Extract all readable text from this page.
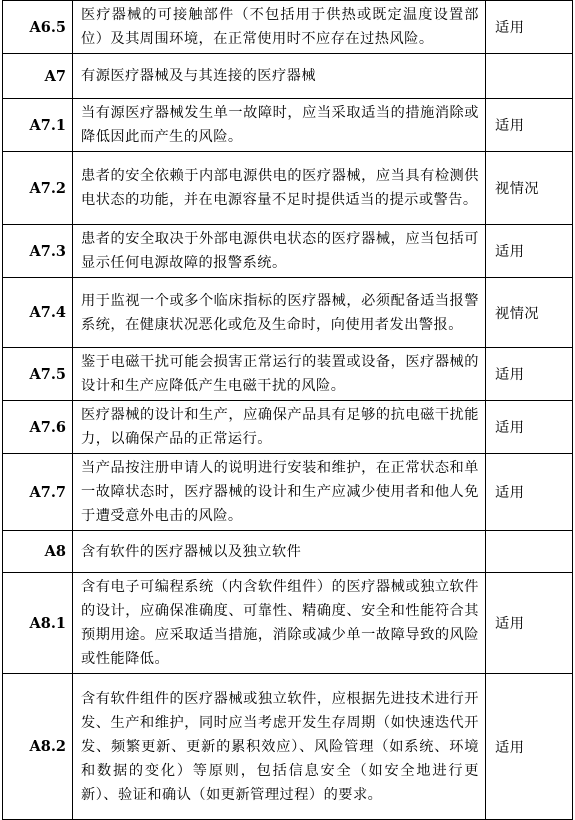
A6.5	医疗器械的可接触部件（不包括用于供热或既定温度设置部位）及其周围环境，在正常使用时不应存在过热风险。	适用
A7	有源医疗器械及与其连接的医疗器械	
A7.1	当有源医疗器械发生单一故障时，应当采取适当的措施消除或降低因此而产生的风险。	适用
A7.2	患者的安全依赖于内部电源供电的医疗器械，应当具有检测供电状态的功能，并在电源容量不足时提供适当的提示或警告。	视情况
A7.3	患者的安全取决于外部电源供电状态的医疗器械，应当包括可显示任何电源故障的报警系统。	适用
A7.4	用于监视一个或多个临床指标的医疗器械，必须配备适当报警系统，在健康状况恶化或危及生命时，向使用者发出警报。	视情况
A7.5	鉴于电磁干扰可能会损害正常运行的装置或设备，医疗器械的设计和生产应降低产生电磁干扰的风险。	适用
A7.6	医疗器械的设计和生产，应确保产品具有足够的抗电磁干扰能力，以确保产品的正常运行。	适用
A7.7	当产品按注册申请人的说明进行安装和维护，在正常状态和单一故障状态时，医疗器械的设计和生产应减少使用者和他人免于遭受意外电击的风险。	适用
A8	含有软件的医疗器械以及独立软件	
A8.1	含有电子可编程系统（内含软件组件）的医疗器械或独立软件的设计，应确保准确度、可靠性、精确度、安全和性能符合其预期用途。应采取适当措施，消除或减少单一故障导致的风险或性能降低。	适用
A8.2	含有软件组件的医疗器械或独立软件，应根据先进技术进行开发、生产和维护，同时应当考虑开发生存周期（如快速迭代开发、频繁更新、更新的累积效应）、风险管理（如系统、环境和数据的变化）等原则，包括信息安全（如安全地进行更新）、验证和确认（如更新管理过程）的要求。	适用
